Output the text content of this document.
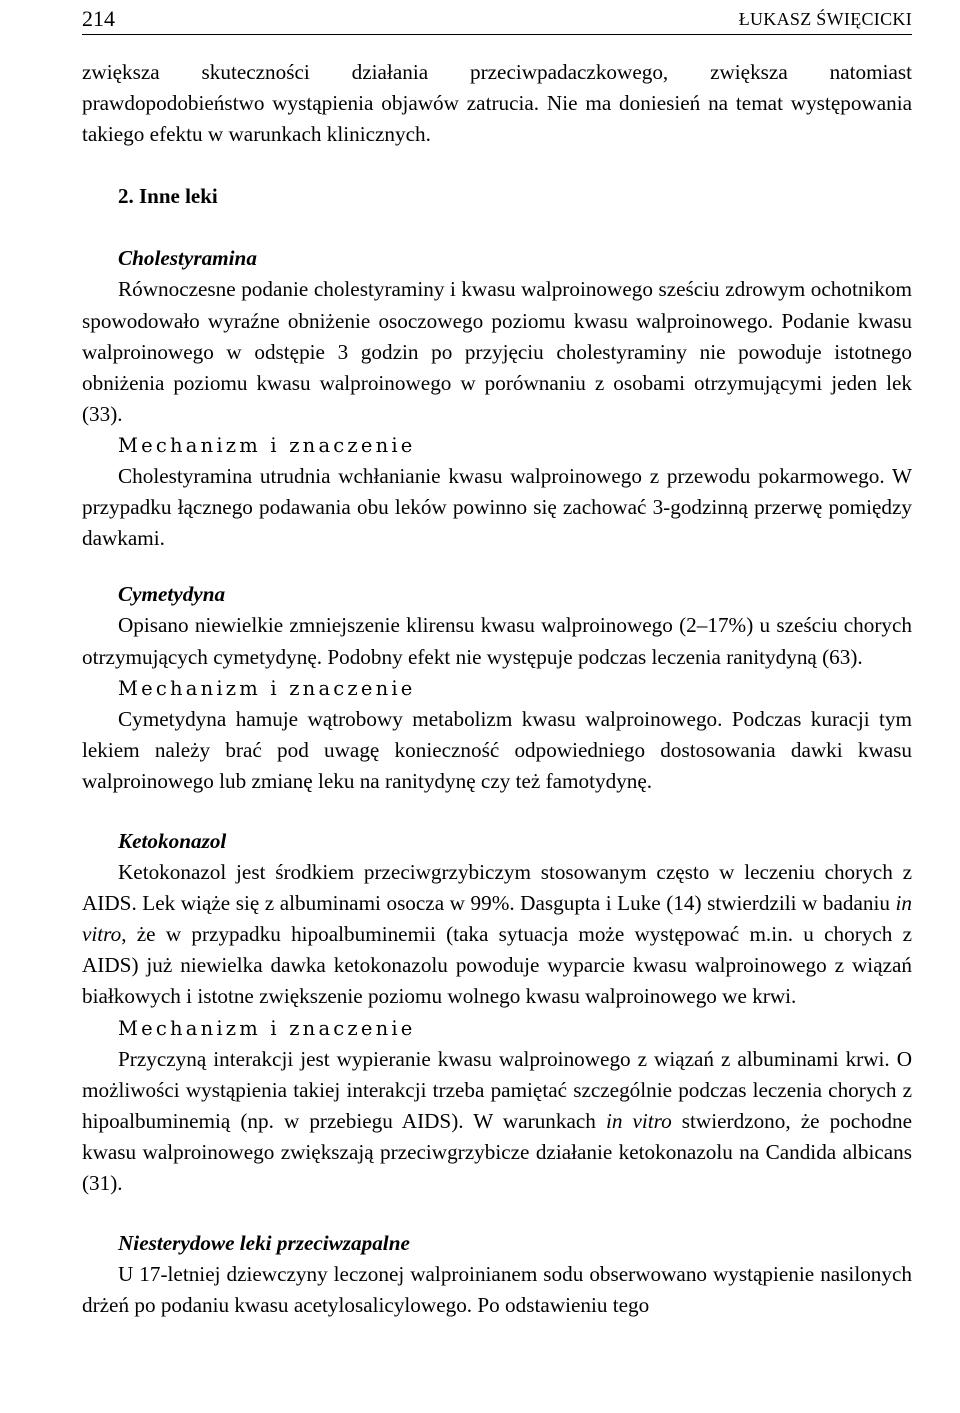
214	ŁUKASZ ŚWIĘCICKI

zwiększa skuteczności działania przeciwpadaczkowego, zwiększa natomiast prawdopodobieństwo wystąpienia objawów zatrucia. Nie ma doniesień na temat występowania takiego efektu w warunkach klinicznych.

2. Inne leki

Cholestyramina

Równoczesne podanie cholestyraminy i kwasu walproinowego sześciu zdrowym ochotnikom spowodowało wyraźne obniżenie osoczowego poziomu kwasu walproinowego. Podanie kwasu walproinowego w odstępie 3 godzin po przyjęciu cholestyraminy nie powoduje istotnego obniżenia poziomu kwasu walproinowego w porównaniu z osobami otrzymującymi jeden lek (33).

Mechanizm i znaczenie

Cholestyramina utrudnia wchłanianie kwasu walproinowego z przewodu pokarmowego. W przypadku łącznego podawania obu leków powinno się zachować 3-godzinną przerwę pomiędzy dawkami.

Cymetydyna

Opisano niewielkie zmniejszenie klirensu kwasu walproinowego (2–17%) u sześciu chorych otrzymujących cymetydynę. Podobny efekt nie występuje podczas leczenia ranitydyną (63).

Mechanizm i znaczenie

Cymetydyna hamuje wątrobowy metabolizm kwasu walproinowego. Podczas kuracji tym lekiem należy brać pod uwagę konieczność odpowiedniego dostosowania dawki kwasu walproinowego lub zmianę leku na ranitydynę czy też famotydynę.

Ketokonazol

Ketokonazol jest środkiem przeciwgrzybiczym stosowanym często w leczeniu chorych z AIDS. Lek wiąże się z albuminami osocza w 99%. Dasgupta i Luke (14) stwierdzili w badaniu in vitro, że w przypadku hipoalbuminemii (taka sytuacja może występować m.in. u chorych z AIDS) już niewielka dawka ketokonazolu powoduje wyparcie kwasu walproinowego z wiązań białkowych i istotne zwiększenie poziomu wolnego kwasu walproinowego we krwi.

Mechanizm i znaczenie

Przyczyną interakcji jest wypieranie kwasu walproinowego z wiązań z albuminami krwi. O możliwości wystąpienia takiej interakcji trzeba pamiętać szczególnie podczas leczenia chorych z hipoalbuminemią (np. w przebiegu AIDS). W warunkach in vitro stwierdzono, że pochodne kwasu walproinowego zwiększają przeciwgrzybicze działanie ketokonazolu na Candida albicans (31).

Niesterydowe leki przeciwzapalne

U 17-letniej dziewczyny leczonej walproinianem sodu obserwowano wystąpienie nasilonych drżeń po podaniu kwasu acetylosalicylowego. Po odstawieniu tego
